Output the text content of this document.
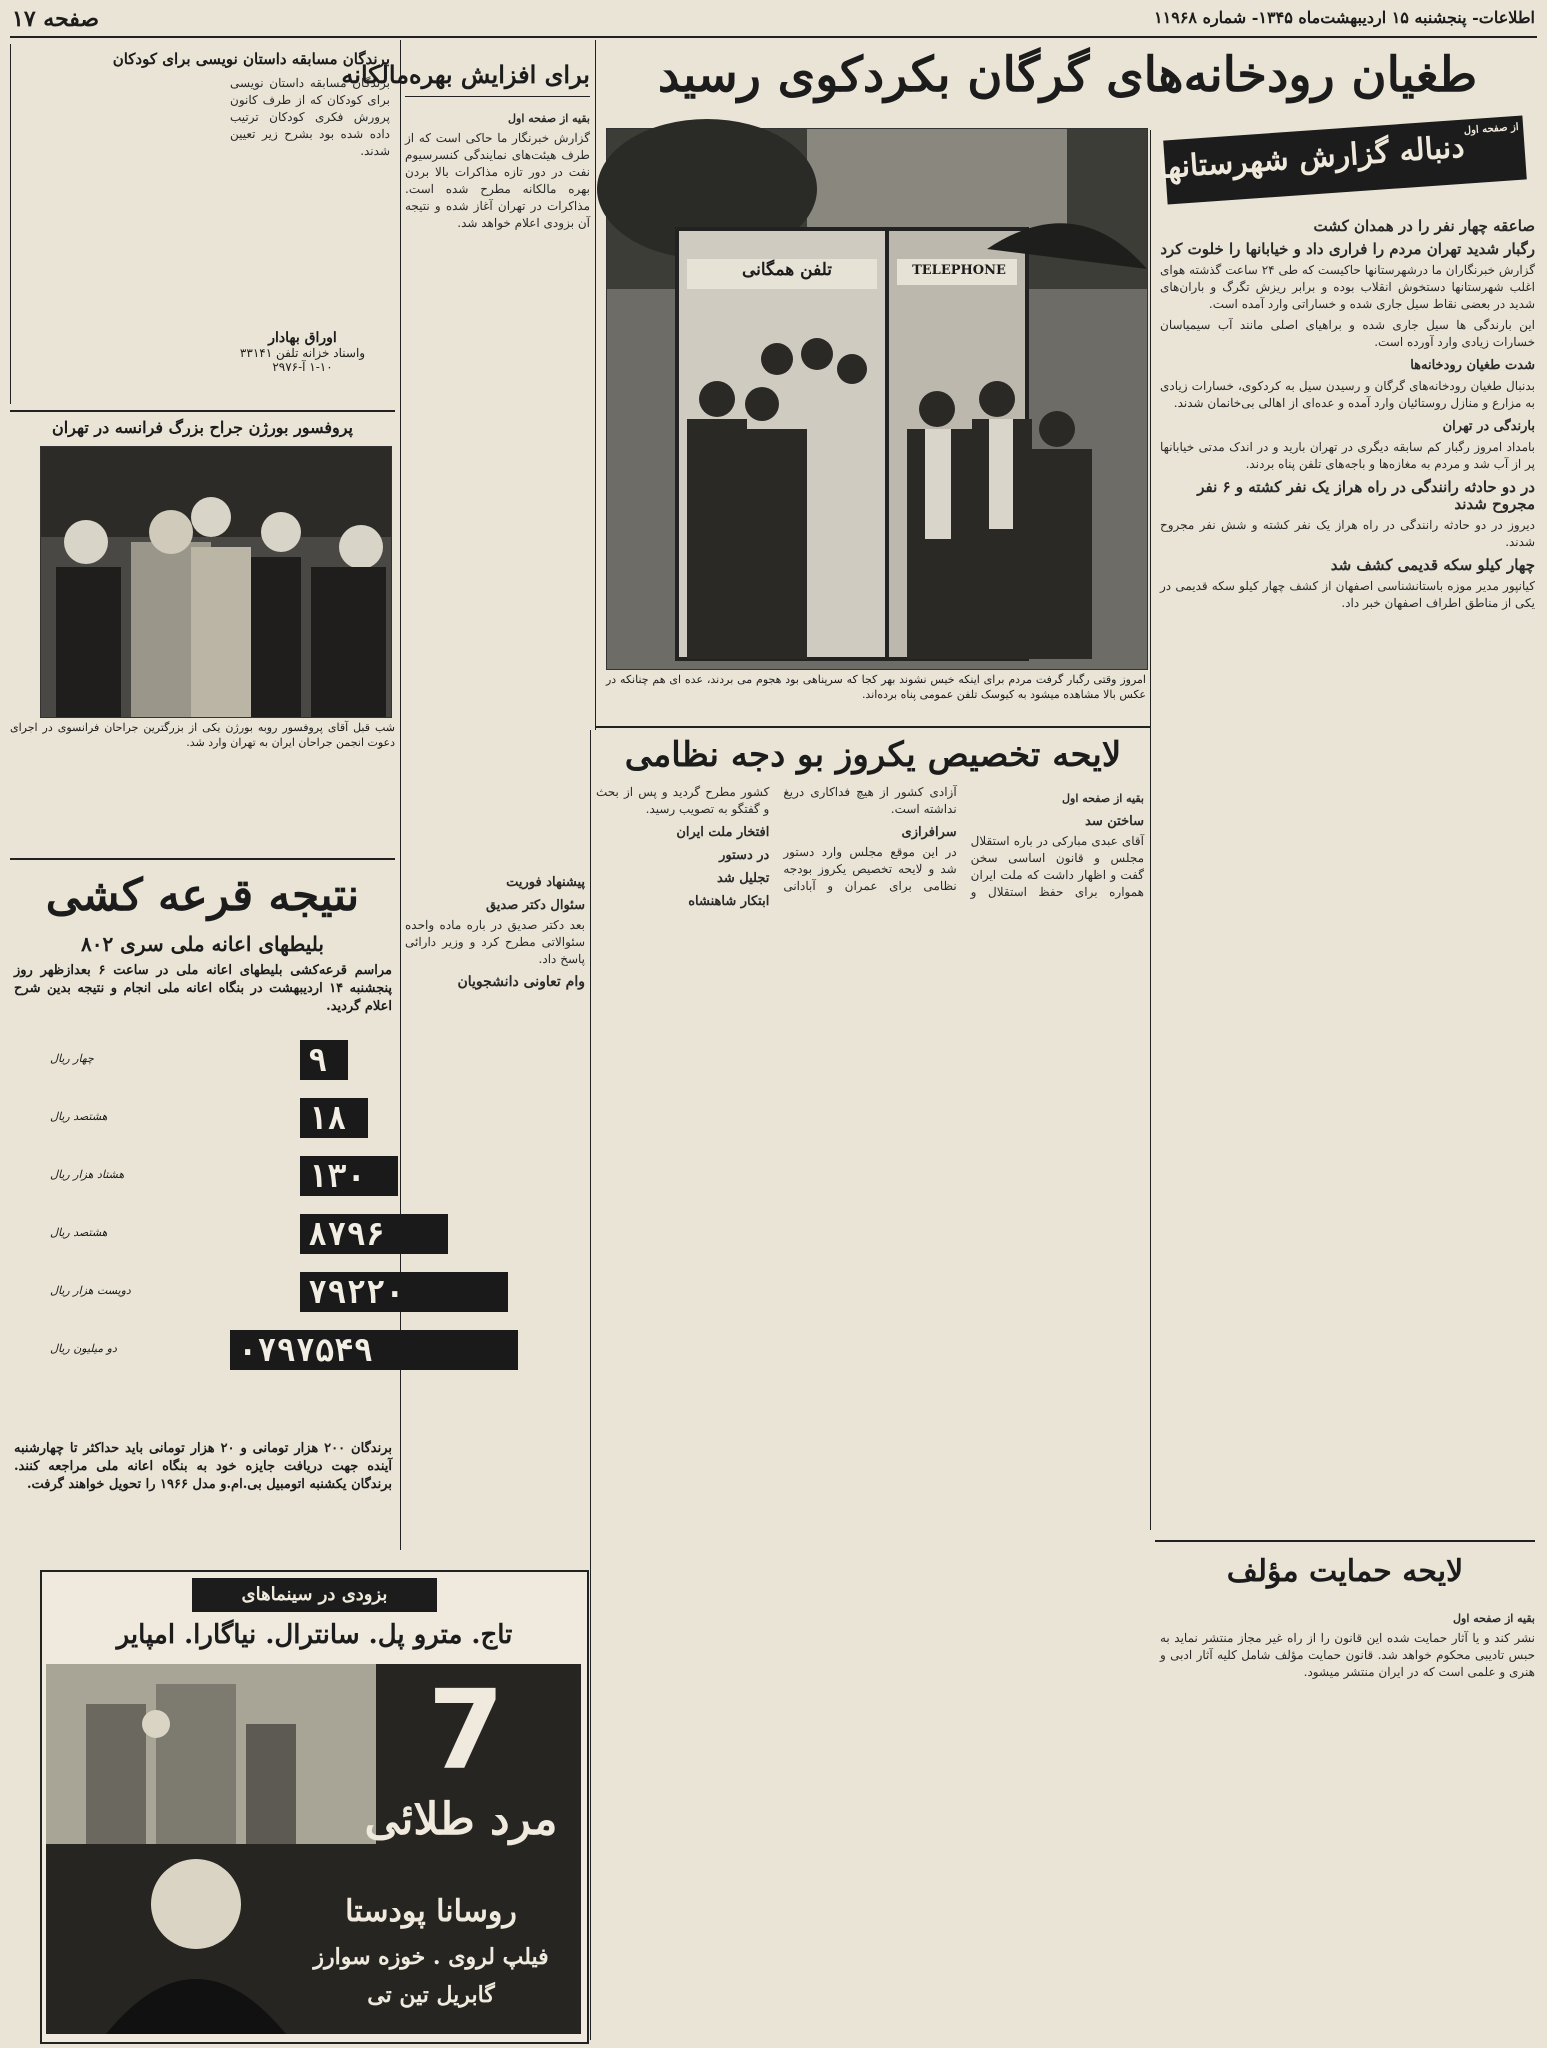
اطلاعات- پنجشنبه ۱۵ اردیبهشت‌ماه ۱۳۴۵- شماره ۱۱۹۶۸
صفحه ۱۷
طغیان رودخانه‌های گرگان بکردکوی رسید
دنباله گزارش شهرستانها
از صفحه اول
صاعقه چهار نفر را در همدان کشت
رگبار شدید تهران مردم را فراری داد و خیابانها را خلوت کرد

گزارش خبرنگاران ما درشهرستانها حاکیست که طی ۲۴ ساعت گذشته هوای اغلب شهرستانها دستخوش انقلاب بوده و برابر ریزش تگرگ و باران‌های شدید در بعضی نقاط سیل جاری شده و خساراتی وارد آمده است.

این بارندگی ها سیل جاری شده و براهیای اصلی مانند آب سیمیاسان خسارات زیادی وارد آورده است.

شدت طغیان رودخانه‌ها

بدنبال طغیان رودخانه‌های گرگان و رسیدن سیل به کردکوی، خسارات زیادی به مزارع و منازل روستائیان وارد آمده و عده‌ای از اهالی بی‌خانمان شدند.

بارندگی در تهران

بامداد امروز رگبار کم سابقه دیگری در تهران بارید و در اندک مدتی خیابانها پر از آب شد و مردم به مغازه‌ها و باجه‌های تلفن پناه بردند.

در دو حادثه رانندگی در راه هراز یک نفر کشته و ۶ نفر مجروح شدند

دیروز در دو حادثه رانندگی در راه هراز یک نفر کشته و شش نفر مجروح شدند.

چهار کیلو سکه قدیمی کشف شد

کیانپور مدیر موزه باستانشناسی اصفهان از کشف چهار کیلو سکه قدیمی در یکی از مناطق اطراف اصفهان خبر داد.

تلفن همگانی	TELEPHONE
امروز وقتی رگبار گرفت مردم برای اینکه خیس نشوند بهر کجا که سرپناهی بود هجوم می بردند، عده ای هم چنانکه در عکس بالا مشاهده میشود به کیوسک تلفن عمومی پناه برده‌اند.
برای افزایش بهره‌مالکانه
بقیه از صفحه اول

گزارش خبرنگار ما حاکی است که از طرف هیئت‌های نمایندگی کنسرسیوم نفت در دور تازه مذاکرات بالا بردن بهره مالکانه مطرح شده است. مذاکرات در تهران آغاز شده و نتیجه آن بزودی اعلام خواهد شد.

اوراق بهادار
واسناد خزانه تلفن ۳۳۱۴۱
۱-۱۰ آ-۲۹۷۶
برندگان مسابقه داستان نویسی برای کودکان

برندگان مسابقه داستان نویسی برای کودکان که از طرف کانون پرورش فکری کودکان ترتیب داده شده بود بشرح زیر تعیین شدند.

پروفسور بورژن جراح بزرگ فرانسه در تهران
شب قبل آقای پروفسور روبه بورژن یکی از بزرگترین جراحان فرانسوی در اجرای دعوت انجمن جراحان ایران به تهران وارد شد.
نتیجه قرعه کشی
بلیطهای اعانه ملی سری ۸۰۲
مراسم قرعه‌کشی بلیطهای اعانه ملی در ساعت ۶ بعدازظهر روز پنجشنبه ۱۴ اردیبهشت در بنگاه اعانه ملی انجام و نتیجه بدین شرح اعلام گردید.
۹
۱۸
۱۳۰
۸۷۹۶
۷۹۲۲۰
۰۷۹۷۵۴۹
چهار ریال
هشتصد ریال
هشتاد هزار ریال
هشتصد ریال
دویست هزار ریال
دو میلیون ریال
برندگان ۲۰۰ هزار تومانی و ۲۰ هزار تومانی باید حداکثر تا چهارشنبه آینده جهت دریافت جایزه خود به بنگاه اعانه ملی مراجعه کنند. برندگان یکشنبه اتومبیل بی.ام.و مدل ۱۹۶۶ را تحویل خواهند گرفت.
بزودی در سینماهای
تاج. مترو پل. سانترال. نیاگارا. امپایر
7
مرد طلائی
روسانا پودستا
فیلپ لروی . خوزه سوارز
گابریل تین تی
لایحه تخصیص یکروز بو دجه نظامی
بقیه از صفحه اول
ساختن سد

آقای عبدی مبارکی در باره استقلال مجلس و قانون اساسی سخن گفت و اظهار داشت که ملت ایران همواره برای حفظ استقلال و آزادی کشور از هیچ فداکاری دریغ نداشته است.

سرافرازی

در این موقع مجلس وارد دستور شد و لایحه تخصیص یکروز بودجه نظامی برای عمران و آبادانی کشور مطرح گردید و پس از بحث و گفتگو به تصویب رسید.

افتخار ملت ایران
در دستور
تجلیل شد
ابتکار شاهنشاه
پیشنهاد فوریت
سئوال دکتر صدیق

بعد دکتر صدیق در باره ماده واحده سئوالاتی مطرح کرد و وزیر دارائی پاسخ داد.

وام تعاونی دانشجویان
لایحه حمایت مؤلف
بقیه از صفحه اول

نشر کند و یا آثار حمایت شده این قانون را از راه غیر مجاز منتشر نماید به حبس تادیبی محکوم خواهد شد. قانون حمایت مؤلف شامل کلیه آثار ادبی و هنری و علمی است که در ایران منتشر میشود.
